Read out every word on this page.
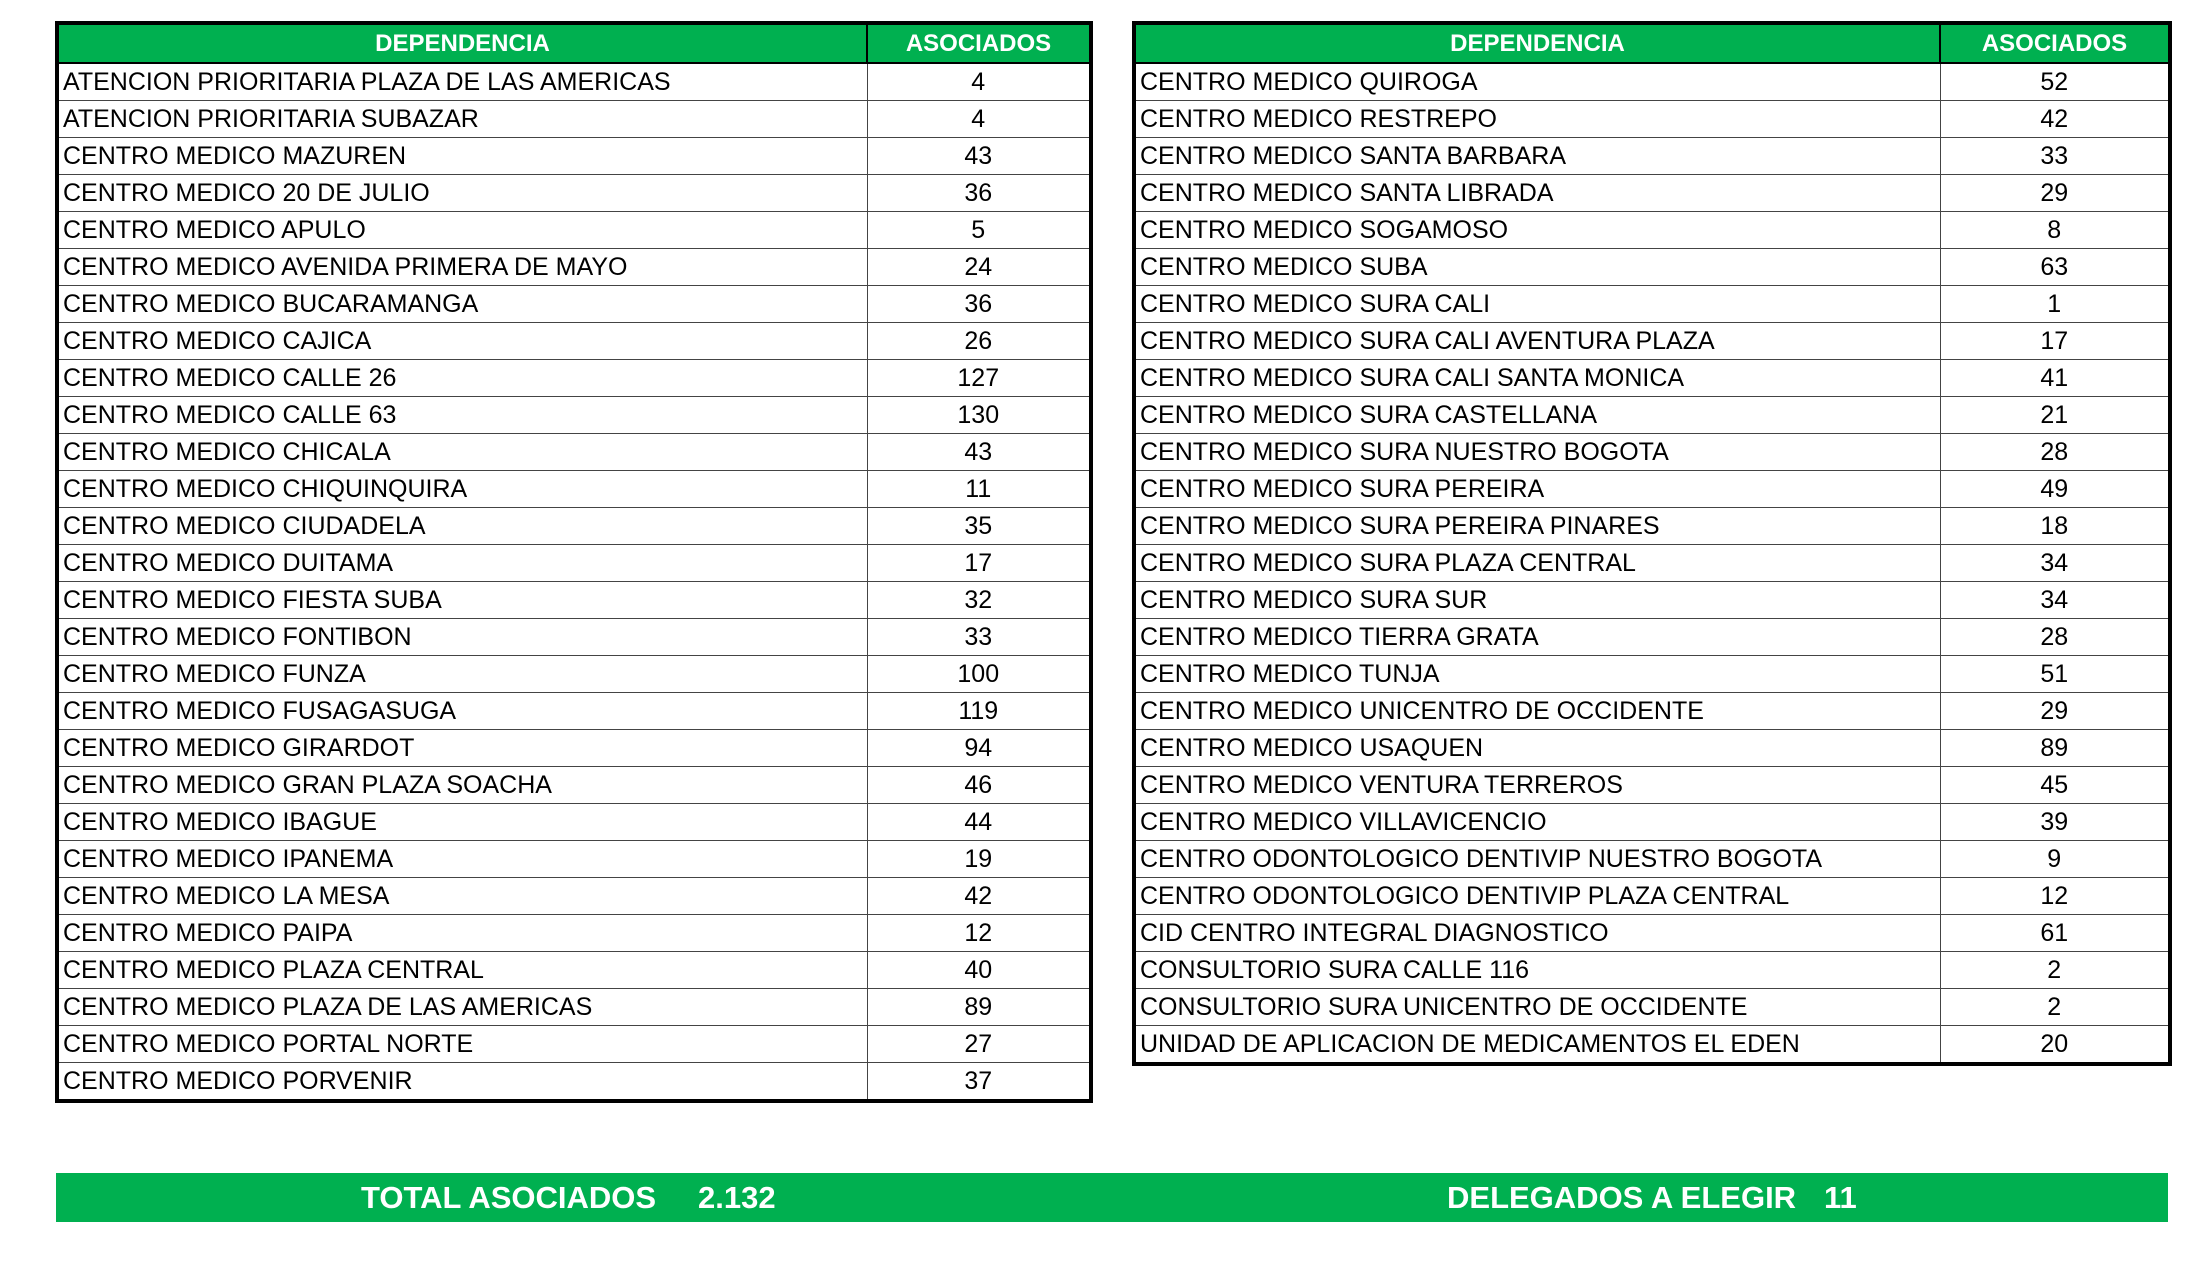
DEPENDENCIA	ASOCIADOS
ATENCION PRIORITARIA PLAZA DE LAS AMERICAS	4
ATENCION PRIORITARIA SUBAZAR	4
CENTRO MEDICO MAZUREN	43
CENTRO MEDICO 20 DE JULIO	36
CENTRO MEDICO APULO	5
CENTRO MEDICO AVENIDA PRIMERA DE MAYO	24
CENTRO MEDICO BUCARAMANGA	36
CENTRO MEDICO CAJICA	26
CENTRO MEDICO CALLE 26	127
CENTRO MEDICO CALLE 63	130
CENTRO MEDICO CHICALA	43
CENTRO MEDICO CHIQUINQUIRA	11
CENTRO MEDICO CIUDADELA	35
CENTRO MEDICO DUITAMA	17
CENTRO MEDICO FIESTA SUBA	32
CENTRO MEDICO FONTIBON	33
CENTRO MEDICO FUNZA	100
CENTRO MEDICO FUSAGASUGA	119
CENTRO MEDICO GIRARDOT	94
CENTRO MEDICO GRAN PLAZA SOACHA	46
CENTRO MEDICO IBAGUE	44
CENTRO MEDICO IPANEMA	19
CENTRO MEDICO LA MESA	42
CENTRO MEDICO PAIPA	12
CENTRO MEDICO PLAZA CENTRAL	40
CENTRO MEDICO PLAZA DE LAS AMERICAS	89
CENTRO MEDICO PORTAL NORTE	27
CENTRO MEDICO PORVENIR	37
DEPENDENCIA	ASOCIADOS
CENTRO MEDICO QUIROGA	52
CENTRO MEDICO RESTREPO	42
CENTRO MEDICO SANTA BARBARA	33
CENTRO MEDICO SANTA LIBRADA	29
CENTRO MEDICO SOGAMOSO	8
CENTRO MEDICO SUBA	63
CENTRO MEDICO SURA CALI	1
CENTRO MEDICO SURA CALI AVENTURA PLAZA	17
CENTRO MEDICO SURA CALI SANTA MONICA	41
CENTRO MEDICO SURA CASTELLANA	21
CENTRO MEDICO SURA NUESTRO BOGOTA	28
CENTRO MEDICO SURA PEREIRA	49
CENTRO MEDICO SURA PEREIRA PINARES	18
CENTRO MEDICO SURA PLAZA CENTRAL	34
CENTRO MEDICO SURA SUR	34
CENTRO MEDICO TIERRA GRATA	28
CENTRO MEDICO TUNJA	51
CENTRO MEDICO UNICENTRO DE OCCIDENTE	29
CENTRO MEDICO USAQUEN	89
CENTRO MEDICO VENTURA TERREROS	45
CENTRO MEDICO VILLAVICENCIO	39
CENTRO ODONTOLOGICO DENTIVIP NUESTRO BOGOTA	9
CENTRO ODONTOLOGICO DENTIVIP PLAZA CENTRAL	12
CID CENTRO INTEGRAL DIAGNOSTICO	61
CONSULTORIO SURA CALLE 116	2
CONSULTORIO SURA UNICENTRO DE OCCIDENTE	2
UNIDAD DE APLICACION DE MEDICAMENTOS EL EDEN	20
TOTAL ASOCIADOS 2.132	DELEGADOS A ELEGIR 11
